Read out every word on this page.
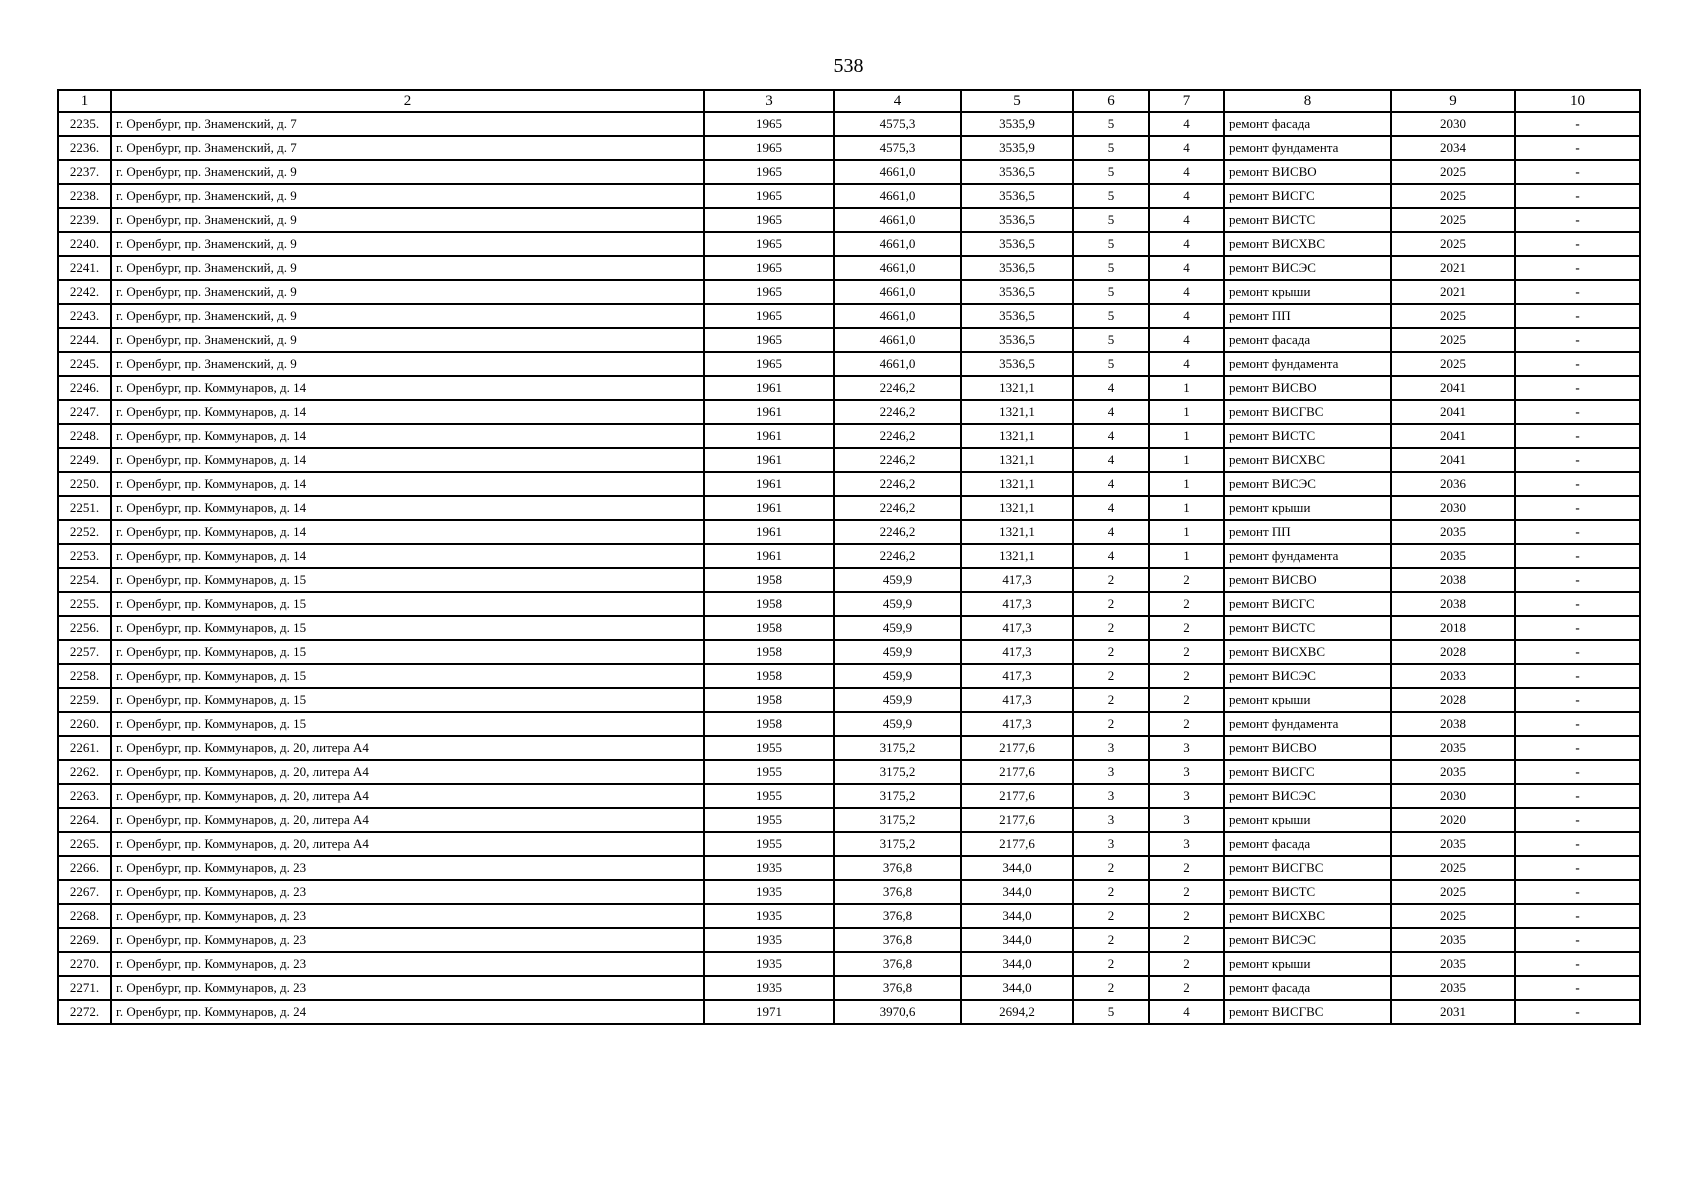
538
1	2	3	4	5	6	7	8	9	10
2235.	г. Оренбург, пр. Знаменский, д. 7	1965	4575,3	3535,9	5	4	ремонт фасада	2030	-
2236.	г. Оренбург, пр. Знаменский, д. 7	1965	4575,3	3535,9	5	4	ремонт фундамента	2034	-
2237.	г. Оренбург, пр. Знаменский, д. 9	1965	4661,0	3536,5	5	4	ремонт ВИСВО	2025	-
2238.	г. Оренбург, пр. Знаменский, д. 9	1965	4661,0	3536,5	5	4	ремонт ВИСГС	2025	-
2239.	г. Оренбург, пр. Знаменский, д. 9	1965	4661,0	3536,5	5	4	ремонт ВИСТС	2025	-
2240.	г. Оренбург, пр. Знаменский, д. 9	1965	4661,0	3536,5	5	4	ремонт ВИСХВС	2025	-
2241.	г. Оренбург, пр. Знаменский, д. 9	1965	4661,0	3536,5	5	4	ремонт ВИСЭС	2021	-
2242.	г. Оренбург, пр. Знаменский, д. 9	1965	4661,0	3536,5	5	4	ремонт крыши	2021	-
2243.	г. Оренбург, пр. Знаменский, д. 9	1965	4661,0	3536,5	5	4	ремонт ПП	2025	-
2244.	г. Оренбург, пр. Знаменский, д. 9	1965	4661,0	3536,5	5	4	ремонт фасада	2025	-
2245.	г. Оренбург, пр. Знаменский, д. 9	1965	4661,0	3536,5	5	4	ремонт фундамента	2025	-
2246.	г. Оренбург, пр. Коммунаров, д. 14	1961	2246,2	1321,1	4	1	ремонт ВИСВО	2041	-
2247.	г. Оренбург, пр. Коммунаров, д. 14	1961	2246,2	1321,1	4	1	ремонт ВИСГВС	2041	-
2248.	г. Оренбург, пр. Коммунаров, д. 14	1961	2246,2	1321,1	4	1	ремонт ВИСТС	2041	-
2249.	г. Оренбург, пр. Коммунаров, д. 14	1961	2246,2	1321,1	4	1	ремонт ВИСХВС	2041	-
2250.	г. Оренбург, пр. Коммунаров, д. 14	1961	2246,2	1321,1	4	1	ремонт ВИСЭС	2036	-
2251.	г. Оренбург, пр. Коммунаров, д. 14	1961	2246,2	1321,1	4	1	ремонт крыши	2030	-
2252.	г. Оренбург, пр. Коммунаров, д. 14	1961	2246,2	1321,1	4	1	ремонт ПП	2035	-
2253.	г. Оренбург, пр. Коммунаров, д. 14	1961	2246,2	1321,1	4	1	ремонт фундамента	2035	-
2254.	г. Оренбург, пр. Коммунаров, д. 15	1958	459,9	417,3	2	2	ремонт ВИСВО	2038	-
2255.	г. Оренбург, пр. Коммунаров, д. 15	1958	459,9	417,3	2	2	ремонт ВИСГС	2038	-
2256.	г. Оренбург, пр. Коммунаров, д. 15	1958	459,9	417,3	2	2	ремонт ВИСТС	2018	-
2257.	г. Оренбург, пр. Коммунаров, д. 15	1958	459,9	417,3	2	2	ремонт ВИСХВС	2028	-
2258.	г. Оренбург, пр. Коммунаров, д. 15	1958	459,9	417,3	2	2	ремонт ВИСЭС	2033	-
2259.	г. Оренбург, пр. Коммунаров, д. 15	1958	459,9	417,3	2	2	ремонт крыши	2028	-
2260.	г. Оренбург, пр. Коммунаров, д. 15	1958	459,9	417,3	2	2	ремонт фундамента	2038	-
2261.	г. Оренбург, пр. Коммунаров, д. 20, литера А4	1955	3175,2	2177,6	3	3	ремонт ВИСВО	2035	-
2262.	г. Оренбург, пр. Коммунаров, д. 20, литера А4	1955	3175,2	2177,6	3	3	ремонт ВИСГС	2035	-
2263.	г. Оренбург, пр. Коммунаров, д. 20, литера А4	1955	3175,2	2177,6	3	3	ремонт ВИСЭС	2030	-
2264.	г. Оренбург, пр. Коммунаров, д. 20, литера А4	1955	3175,2	2177,6	3	3	ремонт крыши	2020	-
2265.	г. Оренбург, пр. Коммунаров, д. 20, литера А4	1955	3175,2	2177,6	3	3	ремонт фасада	2035	-
2266.	г. Оренбург, пр. Коммунаров, д. 23	1935	376,8	344,0	2	2	ремонт ВИСГВС	2025	-
2267.	г. Оренбург, пр. Коммунаров, д. 23	1935	376,8	344,0	2	2	ремонт ВИСТС	2025	-
2268.	г. Оренбург, пр. Коммунаров, д. 23	1935	376,8	344,0	2	2	ремонт ВИСХВС	2025	-
2269.	г. Оренбург, пр. Коммунаров, д. 23	1935	376,8	344,0	2	2	ремонт ВИСЭС	2035	-
2270.	г. Оренбург, пр. Коммунаров, д. 23	1935	376,8	344,0	2	2	ремонт крыши	2035	-
2271.	г. Оренбург, пр. Коммунаров, д. 23	1935	376,8	344,0	2	2	ремонт фасада	2035	-
2272.	г. Оренбург, пр. Коммунаров, д. 24	1971	3970,6	2694,2	5	4	ремонт ВИСГВС	2031	-
